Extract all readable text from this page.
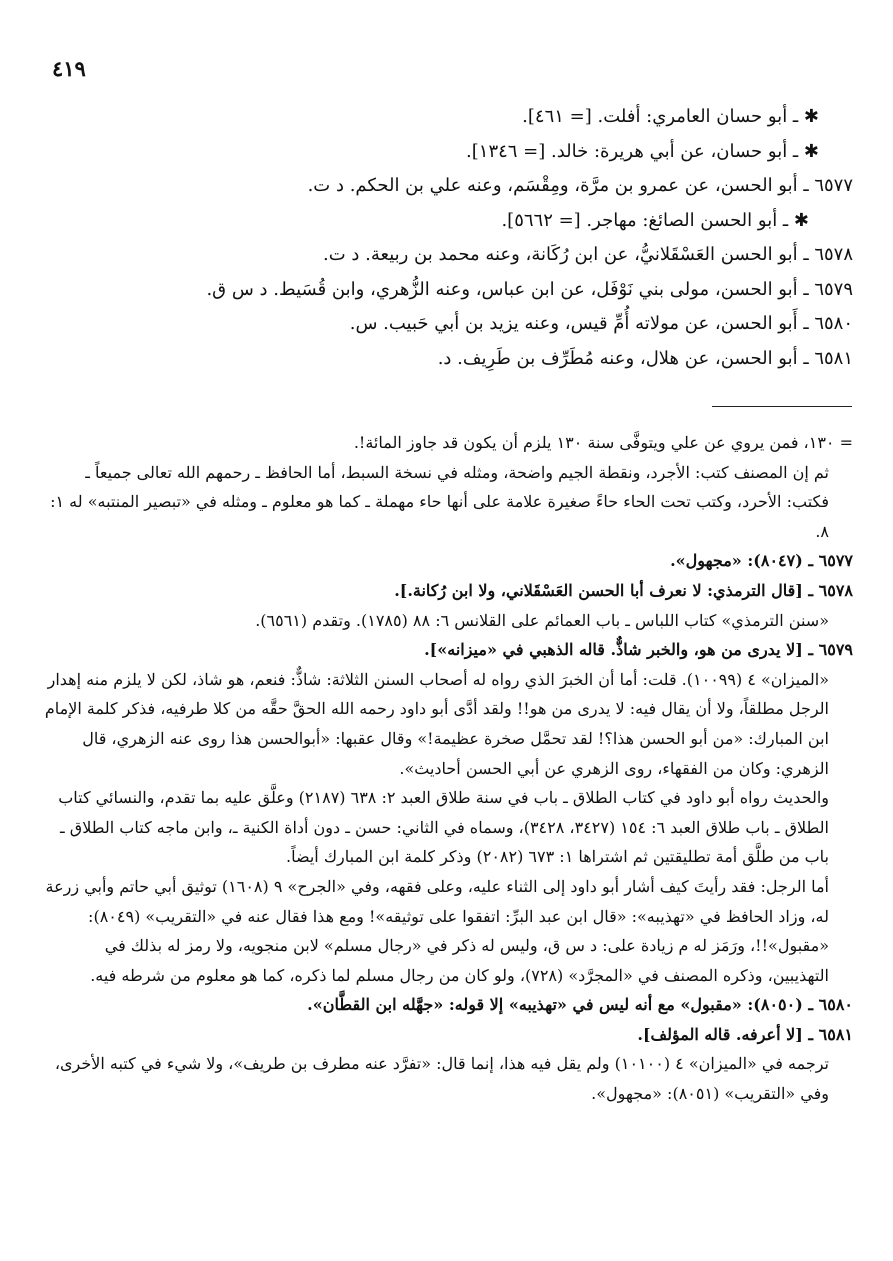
٤١٩
✱ ـ أبو حسان العامري: أفلت. [= ٤٦١].
✱ ـ أبو حسان، عن أبي هريرة: خالد. [= ١٣٤٦].
٦٥٧٧ ـ أبو الحسن، عن عمرو بن مرَّة، ومِقْسَم، وعنه علي بن الحكم. د ت.
✱ ـ أبو الحسن الصائغ: مهاجر. [= ٥٦٦٢].
٦٥٧٨ ـ أبو الحسن العَسْقَلانيُّ، عن ابن رُكَانة، وعنه محمد بن ربيعة. د ت.
٦٥٧٩ ـ أبو الحسن، مولى بني نَوْفَل، عن ابن عباس، وعنه الزُّهري، وابن قُسَيط. د س ق.
٦٥٨٠ ـ أَبو الحسن، عن مولاته أُمِّ قيس، وعنه يزيد بن أبي حَبيب. س.
٦٥٨١ ـ أبو الحسن، عن هلال، وعنه مُطَرِّف بن طَرِيف. د.

= ١٣٠، فمن يروي عن علي ويتوفَّى سنة ١٣٠ يلزم أن يكون قد جاوز المائة!.

ثم إن المصنف كتب: الأجرد، ونقطة الجيم واضحة، ومثله في نسخة السبط، أما الحافظ ـ رحمهم الله تعالى جميعاً ـ فكتب: الأحرد، وكتب تحت الحاء حاءً صغيرة علامة على أنها حاء مهملة ـ كما هو معلوم ـ ومثله في «تبصير المنتبه» له ١: ٨.

٦٥٧٧ ـ (٨٠٤٧): «مجهول».

٦٥٧٨ ـ [قال الترمذي: لا نعرف أبا الحسن العَسْقَلاني، ولا ابن رُكانة.].

«سنن الترمذي» كتاب اللباس ـ باب العمائم على القلانس ٦: ٨٨ (١٧٨٥). وتقدم (٦٥٦١).

٦٥٧٩ ـ [لا يدرى من هو، والخبر شاذٌّ. قاله الذهبي في «ميزانه»].

«الميزان» ٤ (١٠٠٩٩). قلت: أما أن الخبرَ الذي رواه له أصحاب السنن الثلاثة: شاذٌّ: فنعم، هو شاذ، لكن لا يلزم منه إهدار الرجل مطلقاً، ولا أن يقال فيه: لا يدرى من هو!! ولقد أدَّى أبو داود رحمه الله الحقَّ حقَّه من كلا طرفيه، فذكر كلمة الإمام ابن المبارك: «من أبو الحسن هذا؟! لقد تحمَّل صخرة عظيمة!» وقال عقبها: «أبوالحسن هذا روى عنه الزهري، قال الزهري: وكان من الفقهاء، روى الزهري عن أبي الحسن أحاديث».

والحديث رواه أبو داود في كتاب الطلاق ـ باب في سنة طلاق العبد ٢: ٦٣٨ (٢١٨٧) وعلَّق عليه بما تقدم، والنسائي كتاب الطلاق ـ باب طلاق العبد ٦: ١٥٤ (٣٤٢٧، ٣٤٢٨)، وسماه في الثاني: حسن ـ دون أداة الكنية ـ، وابن ماجه كتاب الطلاق ـ باب من طلَّق أمة تطليقتين ثم اشتراها ١: ٦٧٣ (٢٠٨٢) وذكر كلمة ابن المبارك أيضاً.

أما الرجل: فقد رأيتَ كيف أشار أبو داود إلى الثناء عليه، وعلى فقهه، وفي «الجرح» ٩ (١٦٠٨) توثيق أبي حاتم وأبي زرعة له، وزاد الحافظ في «تهذيبه»: «قال ابن عبد البرِّ: اتفقوا على توثيقه»! ومع هذا فقال عنه في «التقريب» (٨٠٤٩): «مقبول»!!، ورَمَز له م زيادة على: د س ق، وليس له ذكر في «رجال مسلم» لابن منجويه، ولا رمز له بذلك في التهذيبين، وذكره المصنف في «المجرَّد» (٧٢٨)، ولو كان من رجال مسلم لما ذكره، كما هو معلوم من شرطه فيه.

٦٥٨٠ ـ (٨٠٥٠): «مقبول» مع أنه ليس في «تهذيبه» إلا قوله: «جهَّله ابن القطَّان».

٦٥٨١ ـ [لا أعرفه. قاله المؤلف].

ترجمه في «الميزان» ٤ (١٠١٠٠) ولم يقل فيه هذا، إنما قال: «تفرَّد عنه مطرف بن طريف»، ولا شيء في كتبه الأخرى، وفي «التقريب» (٨٠٥١): «مجهول».
